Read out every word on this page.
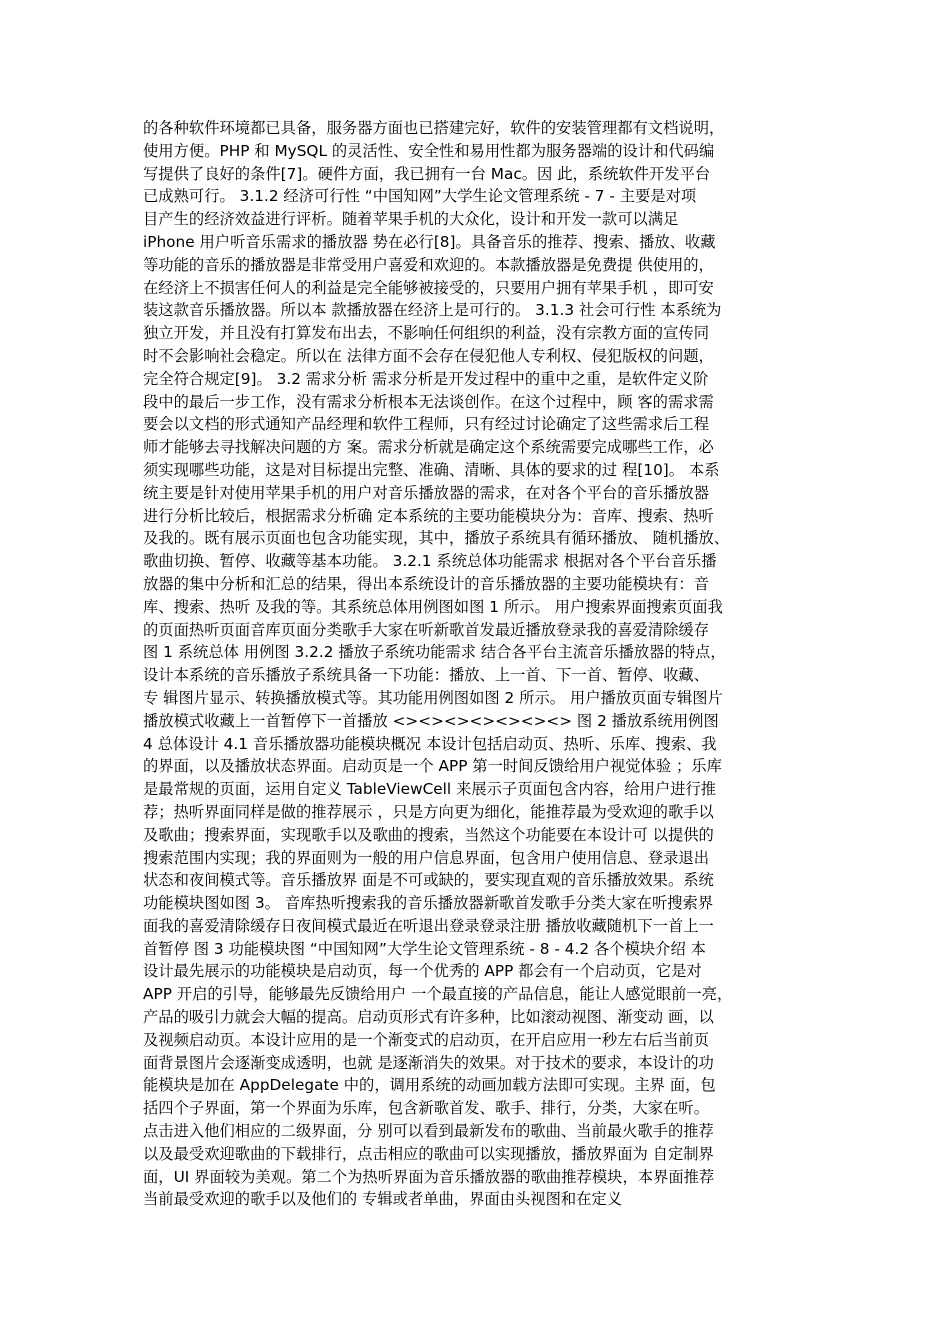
的各种软件环境都已具备，服务器方面也已搭建完好，软件的安装管理都有文档说明，
使用方便。PHP 和 MySQL 的灵活性、安全性和易用性都为服务器端的设计和代码编
写提供了良好的条件[7]。硬件方面，我已拥有一台 Mac。因 此，系统软件开发平台
已成熟可行。 3.1.2 经济可行性 “中国知网”大学生论文管理系统 - 7 - 主要是对项
目产生的经济效益进行评析。随着苹果手机的大众化，设计和开发一款可以满足
iPhone 用户听音乐需求的播放器 势在必行[8]。具备音乐的推荐、搜索、播放、收藏
等功能的音乐的播放器是非常受用户喜爱和欢迎的。本款播放器是免费提 供使用的，
在经济上不损害任何人的利益是完全能够被接受的，只要用户拥有苹果手机 ，即可安
装这款音乐播放器。所以本 款播放器在经济上是可行的。 3.1.3 社会可行性 本系统为
独立开发，并且没有打算发布出去，不影响任何组织的利益，没有宗教方面的宣传同
时不会影响社会稳定。所以在 法律方面不会存在侵犯他人专利权、侵犯版权的问题，
完全符合规定[9]。 3.2 需求分析 需求分析是开发过程中的重中之重，是软件定义阶
段中的最后一步工作，没有需求分析根本无法谈创作。在这个过程中，顾 客的需求需
要会以文档的形式通知产品经理和软件工程师，只有经过讨论确定了这些需求后工程
师才能够去寻找解决问题的方 案。需求分析就是确定这个系统需要完成哪些工作，必
须实现哪些功能，这是对目标提出完整、准确、清晰、具体的要求的过 程[10]。 本系
统主要是针对使用苹果手机的用户对音乐播放器的需求，在对各个平台的音乐播放器
进行分析比较后，根据需求分析确 定本系统的主要功能模块分为：音库、搜索、热听
及我的。既有展示页面也包含功能实现，其中，播放子系统具有循环播放、 随机播放、
歌曲切换、暂停、收藏等基本功能。 3.2.1 系统总体功能需求 根据对各个平台音乐播
放器的集中分析和汇总的结果，得出本系统设计的音乐播放器的主要功能模块有：音
库、搜索、热听 及我的等。其系统总体用例图如图 1 所示。 用户搜索界面搜索页面我
的页面热听页面音库页面分类歌手大家在听新歌首发最近播放登录我的喜爱清除缓存
图 1 系统总体 用例图 3.2.2 播放子系统功能需求 结合各平台主流音乐播放器的特点，
设计本系统的音乐播放子系统具备一下功能：播放、上一首、下一首、暂停、收藏、
专 辑图片显示、转换播放模式等。其功能用例图如图 2 所示。 用户播放页面专辑图片
播放模式收藏上一首暂停下一首播放 <><><><><><><> 图 2 播放系统用例图
4 总体设计 4.1 音乐播放器功能模块概况 本设计包括启动页、热听、乐库、搜索、我
的界面，以及播放状态界面。启动页是一个 APP 第一时间反馈给用户视觉体验 ；乐库
是最常规的页面，运用自定义 TableViewCell 来展示子页面包含内容，给用户进行推
荐；热听界面同样是做的推荐展示 ，只是方向更为细化，能推荐最为受欢迎的歌手以
及歌曲；搜索界面，实现歌手以及歌曲的搜索，当然这个功能要在本设计可 以提供的
搜索范围内实现；我的界面则为一般的用户信息界面，包含用户使用信息、登录退出
状态和夜间模式等。音乐播放界 面是不可或缺的，要实现直观的音乐播放效果。系统
功能模块图如图 3。 音库热听搜索我的音乐播放器新歌首发歌手分类大家在听搜索界
面我的喜爱清除缓存日夜间模式最近在听退出登录登录注册 播放收藏随机下一首上一
首暂停 图 3 功能模块图 “中国知网”大学生论文管理系统 - 8 - 4.2 各个模块介绍 本
设计最先展示的功能模块是启动页，每一个优秀的 APP 都会有一个启动页，它是对
APP 开启的引导，能够最先反馈给用户 一个最直接的产品信息，能让人感觉眼前一亮，
产品的吸引力就会大幅的提高。启动页形式有许多种，比如滚动视图、渐变动 画，以
及视频启动页。本设计应用的是一个渐变式的启动页，在开启应用一秒左右后当前页
面背景图片会逐渐变成透明，也就 是逐渐消失的效果。对于技术的要求，本设计的功
能模块是加在 AppDelegate 中的，调用系统的动画加载方法即可实现。主界 面，包
括四个子界面，第一个界面为乐库，包含新歌首发、歌手、排行，分类，大家在听。
点击进入他们相应的二级界面，分 别可以看到最新发布的歌曲、当前最火歌手的推荐
以及最受欢迎歌曲的下载排行，点击相应的歌曲可以实现播放，播放界面为 自定制界
面，UI 界面较为美观。第二个为热听界面为音乐播放器的歌曲推荐模块，本界面推荐
当前最受欢迎的歌手以及他们的 专辑或者单曲，界面由头视图和在定义
